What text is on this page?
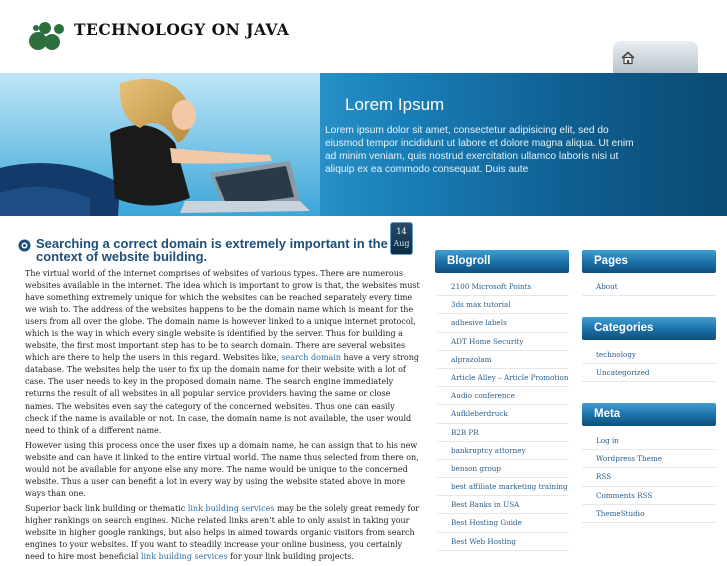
TECHNOLOGY ON JAVA
Lorem Ipsum
Lorem ipsum dolor sit amet, consectetur adipisicing elit, sed do eiusmod tempor incididunt ut labore et dolore magna aliqua. Ut enim ad minim veniam, quis nostrud exercitation ullamco laboris nisi ut aliquip ex ea commodo consequat. Duis aute
Searching a correct domain is extremely important in the context of website building.
14
Aug

The virtual world of the internet comprises of websites of various types. There are numerous websites available in the internet. The idea which is important to grow is that, the websites must have something extremely unique for which the websites can be reached separately every time we wish to. The address of the websites happens to be the domain name which is meant for the users from all over the globe. The domain name is however linked to a unique internet protocol, which is the way in which every single website is identified by the server. Thus for building a website, the first most important step has to be to search domain. There are several websites which are there to help the users in this regard. Websites like, search domain have a very strong database. The websites help the user to fix up the domain name for their website with a lot of case. The user needs to key in the proposed domain name. The search engine immediately returns the result of all websites in all popular service providers having the same or close names. The websites even say the category of the concerned websites. Thus one can easily check if the name is available or not. In case, the domain name is not available, the user would need to think of a different name.

However using this process once the user fixes up a domain name, he can assign that to his new website and can have it linked to the entire virtual world. The name thus selected from there on, would not be available for anyone else any more. The name would be unique to the concerned website. Thus a user can benefit a lot in every way by using the website stated above in more ways than one.

Superior back link building or thematic link building services may be the solely great remedy for higher rankings on search engines. Niche related links aren’t able to only assist in taking your website in higher google rankings, but also helps in aimed towards organic visitors from search engines to your websites. If you want to steadily increase your online business, you certainly need to hire most beneficial link building services for your link building projects.

Blogroll
2100 Microsoft Points
3ds max tutorial
adhesive labels
ADT Home Security
alprazolam
Article Alley – Article Promotion
Audio conference
Aufkleberdruck
B2B PR
bankruptcy attorney
benson group
best affiliate marketing training
Best Banks in USA
Best Hosting Guide
Best Web Hosting
Pages
About
Categories
technology
Uncategorized
Meta
Log in
Wordpress Theme
RSS
Comments RSS
ThemeStudio
